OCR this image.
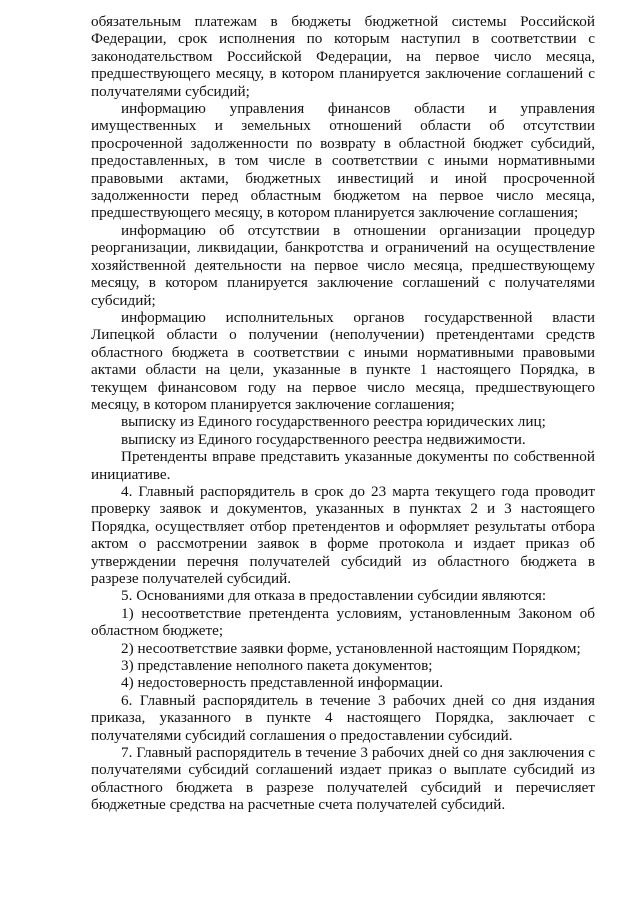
обязательным платежам в бюджеты бюджетной системы Российской Федерации, срок исполнения по которым наступил в соответствии с законодательством Российской Федерации, на первое число месяца, предшествующего месяцу, в котором планируется заключение соглашений с получателями субсидий;

информацию управления финансов области и управления имущественных и земельных отношений области об отсутствии просроченной задолженности по возврату в областной бюджет субсидий, предоставленных, в том числе в соответствии с иными нормативными правовыми актами, бюджетных инвестиций и иной просроченной задолженности перед областным бюджетом на первое число месяца, предшествующего месяцу, в котором планируется заключение соглашения;

информацию об отсутствии в отношении организации процедур реорганизации, ликвидации, банкротства и ограничений на осуществление хозяйственной деятельности на первое число месяца, предшествующему месяцу, в котором планируется заключение соглашений с получателями субсидий;

информацию исполнительных органов государственной власти Липецкой области о получении (неполучении) претендентами средств областного бюджета в соответствии с иными нормативными правовыми актами области на цели, указанные в пункте 1 настоящего Порядка, в текущем финансовом году на первое число месяца, предшествующего месяцу, в котором планируется заключение соглашения;

выписку из Единого государственного реестра юридических лиц;

выписку из Единого государственного реестра недвижимости.

Претенденты вправе представить указанные документы по собственной инициативе.

4. Главный распорядитель в срок до 23 марта текущего года проводит проверку заявок и документов, указанных в пунктах 2 и 3 настоящего Порядка, осуществляет отбор претендентов и оформляет результаты отбора актом о рассмотрении заявок в форме протокола и издает приказ об утверждении перечня получателей субсидий из областного бюджета в разрезе получателей субсидий.

5. Основаниями для отказа в предоставлении субсидии являются:

1) несоответствие претендента условиям, установленным Законом об областном бюджете;

2) несоответствие заявки форме, установленной настоящим Порядком;

3) представление неполного пакета документов;

4) недостоверность представленной информации.

6. Главный распорядитель в течение 3 рабочих дней со дня издания приказа, указанного в пункте 4 настоящего Порядка, заключает с получателями субсидий соглашения о предоставлении субсидий.

7. Главный распорядитель в течение 3 рабочих дней со дня заключения с получателями субсидий соглашений издает приказ о выплате субсидий из областного бюджета в разрезе получателей субсидий и перечисляет бюджетные средства на расчетные счета получателей субсидий.
